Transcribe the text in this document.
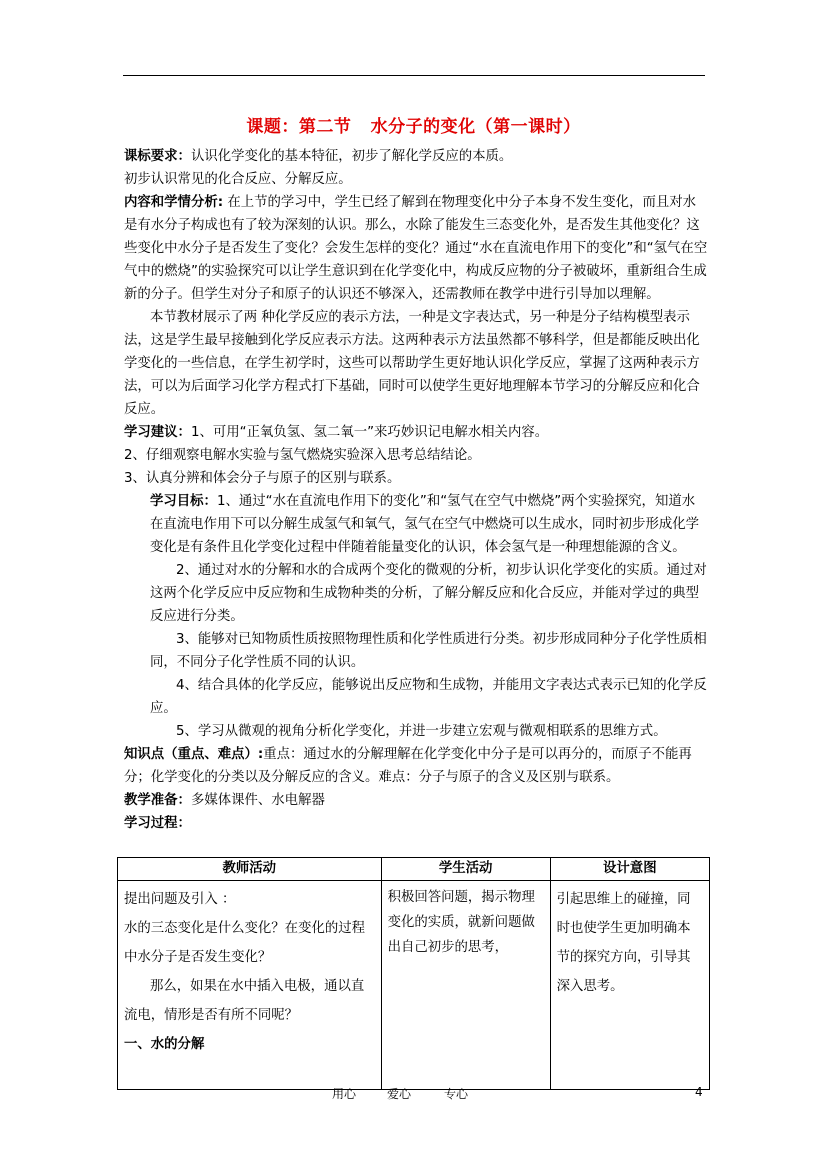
课题：第二节   水分子的变化（第一课时）

课标要求：认识化学变化的基本特征，初步了解化学反应的本质。

初步认识常见的化合反应、分解反应。

内容和学情分析: 在上节的学习中，学生已经了解到在物理变化中分子本身不发生变化，而且对水是有水分子构成也有了较为深刻的认识。那么，水除了能发生三态变化外，是否发生其他变化？这些变化中水分子是否发生了变化？会发生怎样的变化？通过“水在直流电作用下的变化”和“氢气在空气中的燃烧”的实验探究可以让学生意识到在化学变化中，构成反应物的分子被破坏，重新组合生成新的分子。但学生对分子和原子的认识还不够深入，还需教师在教学中进行引导加以理解。

本节教材展示了两 种化学反应的表示方法，一种是文字表达式，另一种是分子结构模型表示法，这是学生最早接触到化学反应表示方法。这两种表示方法虽然都不够科学，但是都能反映出化学变化的一些信息，在学生初学时，这些可以帮助学生更好地认识化学反应，掌握了这两种表示方法，可以为后面学习化学方程式打下基础，同时可以使学生更好地理解本节学习的分解反应和化合反应。

学习建议：1、可用“正氧负氢、氢二氧一”来巧妙识记电解水相关内容。

2、仔细观察电解水实验与氢气燃烧实验深入思考总结结论。

3、认真分辨和体会分子与原子的区别与联系。

学习目标：1、通过“水在直流电作用下的变化”和“氢气在空气中燃烧”两个实验探究，知道水在直流电作用下可以分解生成氢气和氧气，氢气在空气中燃烧可以生成水，同时初步形成化学变化是有条件且化学变化过程中伴随着能量变化的认识，体会氢气是一种理想能源的含义。

2、通过对水的分解和水的合成两个变化的微观的分析，初步认识化学变化的实质。通过对这两个化学反应中反应物和生成物种类的分析，了解分解反应和化合反应，并能对学过的典型反应进行分类。

3、能够对已知物质性质按照物理性质和化学性质进行分类。初步形成同种分子化学性质相同，不同分子化学性质不同的认识。

4、结合具体的化学反应，能够说出反应物和生成物，并能用文字表达式表示已知的化学反应。

5、学习从微观的视角分析化学变化，并进一步建立宏观与微观相联系的思维方式。

知识点（重点、难点）:重点：通过水的分解理解在化学变化中分子是可以再分的，而原子不能再分；化学变化的分类以及分解反应的含义。难点：分子与原子的含义及区别与联系。

教学准备：多媒体课件、水电解器

学习过程：

教师活动	学生活动	设计意图

提出问题及引入 ：

水的三态变化是什么变化？在变化的过程中水分子是否发生变化？

那么，如果在水中插入电极，通以直流电，情形是否有所不同呢？

一、水的分解	积极回答问题，揭示物理变化的实质，就新问题做出自己初步的思考，	引起思维上的碰撞，同时也使学生更加明确本节的探究方向，引导其深入思考。
用心	爱心	专心	4
